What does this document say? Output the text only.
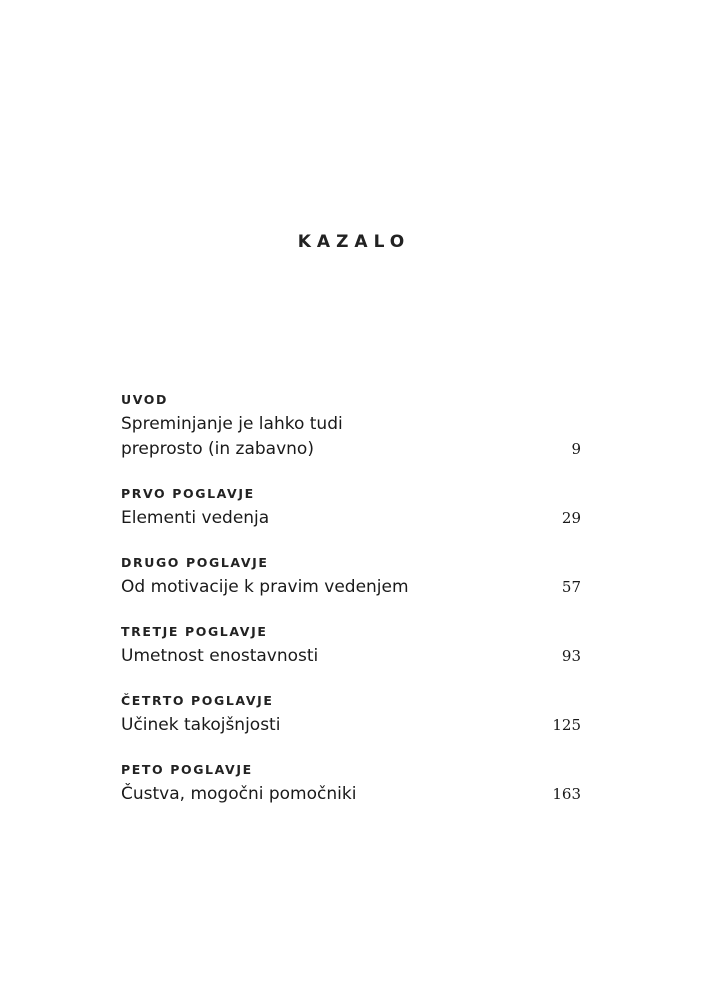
KAZALO
UVOD
Spreminjanje je lahko tudi preprosto (in zabavno)	9
PRVO POGLAVJE
Elementi vedenja	29
DRUGO POGLAVJE
Od motivacije k pravim vedenjem	57
TRETJE POGLAVJE
Umetnost enostavnosti	93
ČETRTO POGLAVJE
Učinek takojšnjosti	125
PETO POGLAVJE
Čustva, mogočni pomočniki	163
